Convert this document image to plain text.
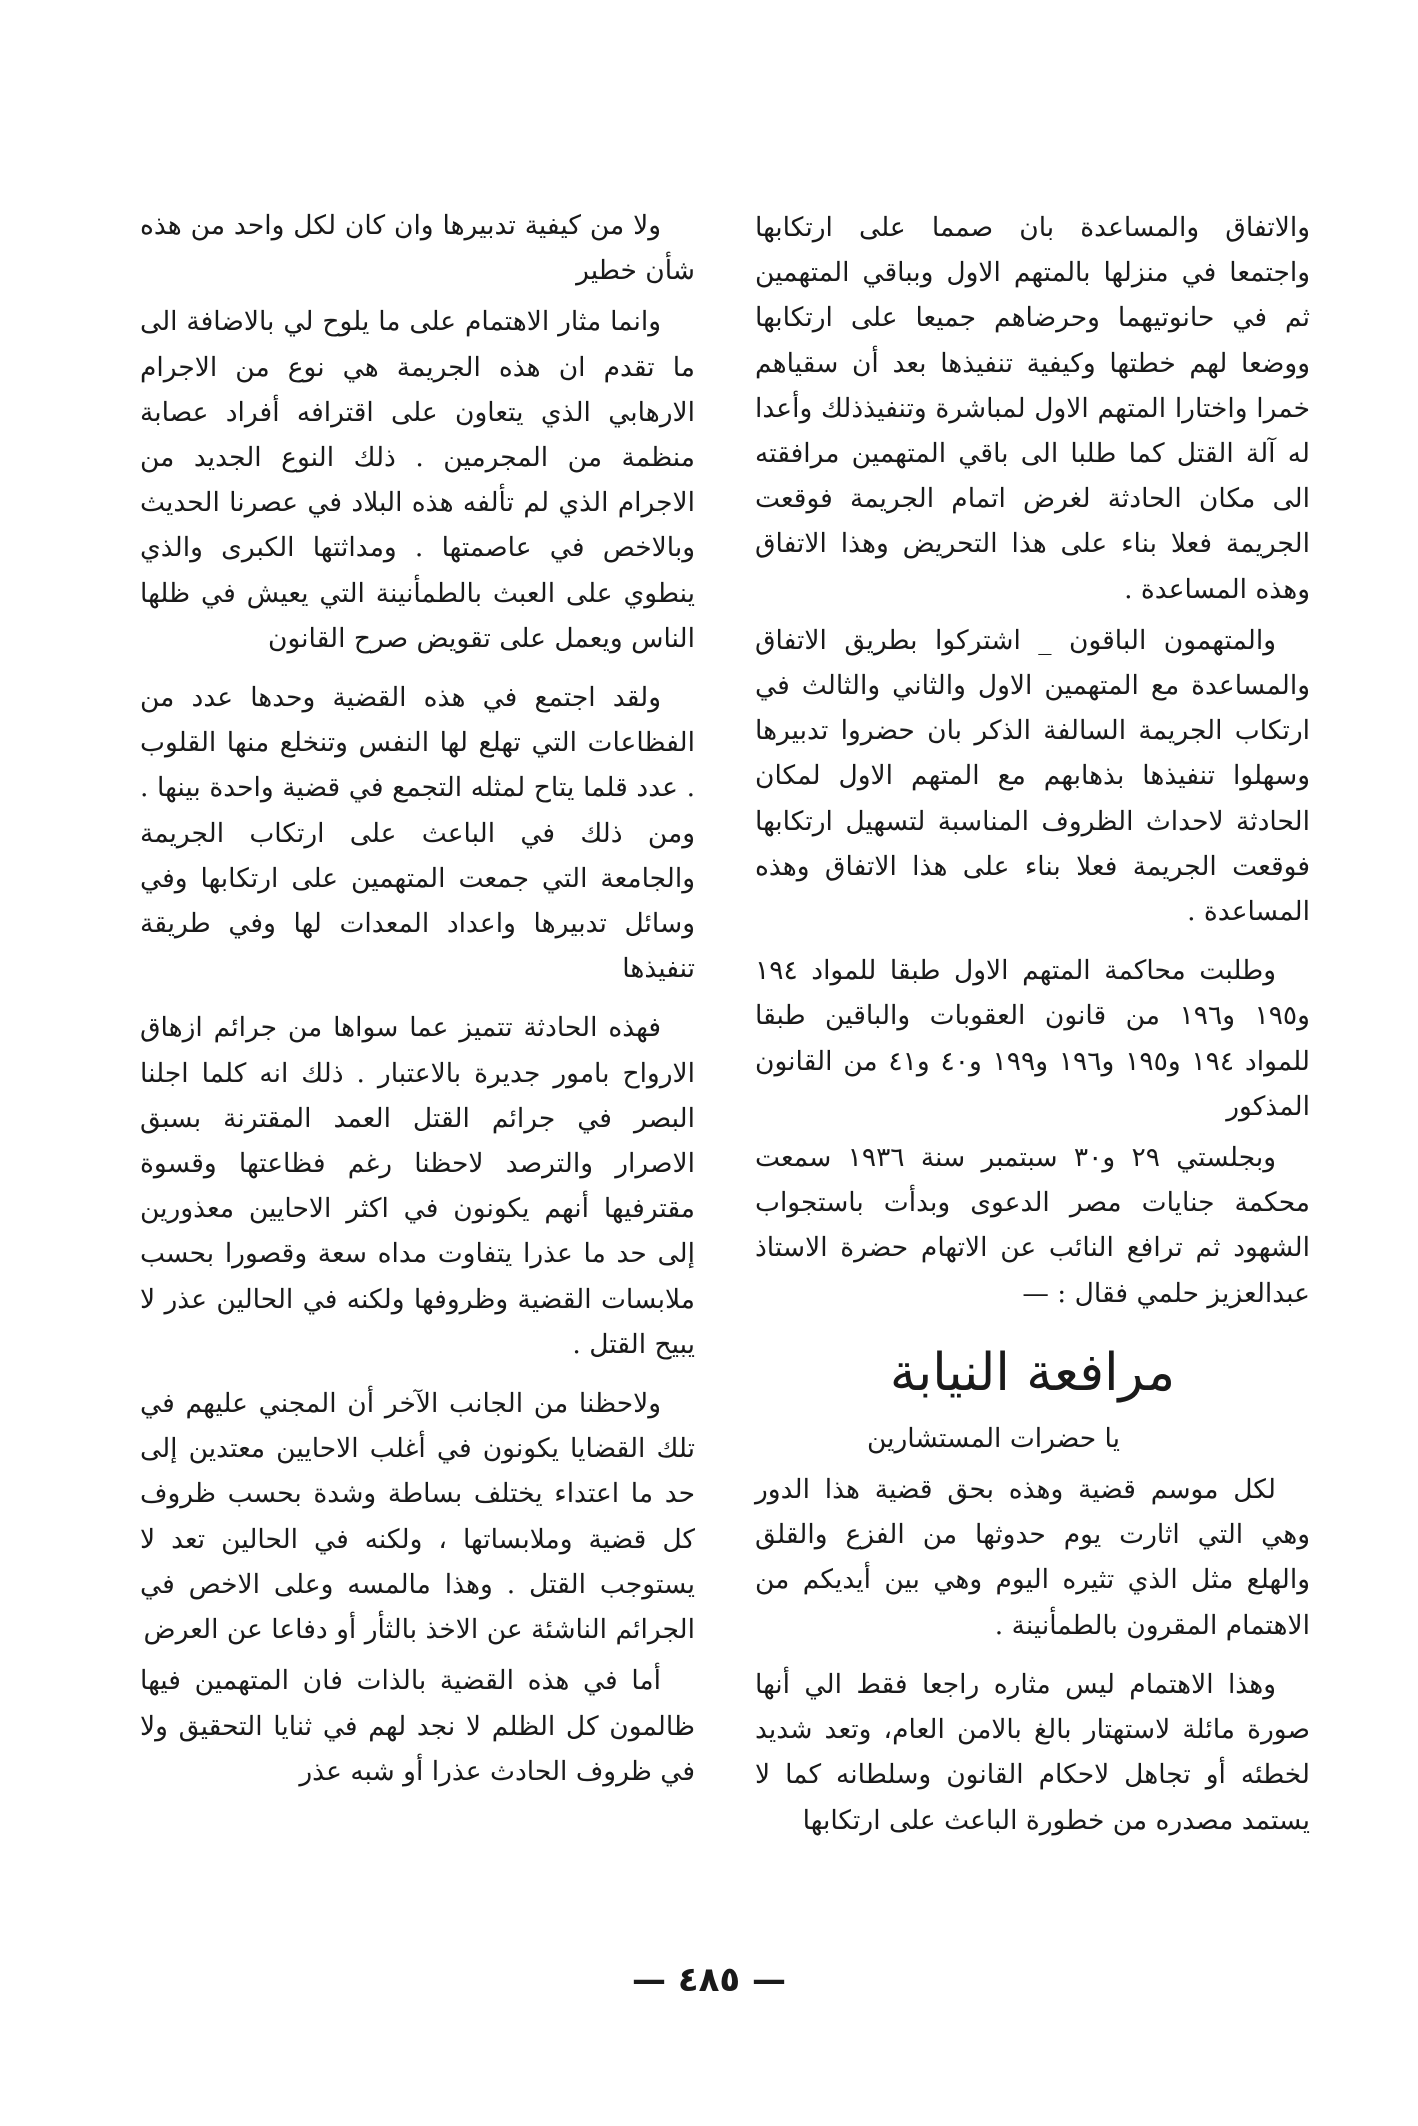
والاتفاق والمساعدة بان صمما على ارتكابها واجتمعا في منزلها بالمتهم الاول وبباقي المتهمين ثم في حانوتيهما وحرضاهم جميعا على ارتكابها ووضعا لهم خطتها وكيفية تنفيذها بعد أن سقياهم خمرا واختارا المتهم الاول لمباشرة وتنفيذذلك وأعدا له آلة القتل كما طلبا الى باقي المتهمين مرافقته الى مكان الحادثة لغرض اتمام الجريمة فوقعت الجريمة فعلا بناء على هذا التحريض وهذا الاتفاق وهذه المساعدة .

والمتهمون الباقون _ اشتركوا بطريق الاتفاق والمساعدة مع المتهمين الاول والثاني والثالث في ارتكاب الجريمة السالفة الذكر بان حضروا تدبيرها وسهلوا تنفيذها بذهابهم مع المتهم الاول لمكان الحادثة لاحداث الظروف المناسبة لتسهيل ارتكابها فوقعت الجريمة فعلا بناء على هذا الاتفاق وهذه المساعدة .

وطلبت محاكمة المتهم الاول طبقا للمواد ١٩٤ و١٩٥ و١٩٦ من قانون العقوبات والباقين طبقا للمواد ١٩٤ و١٩٥ و١٩٦ و١٩٩ و٤٠ و٤١ من القانون المذكور

وبجلستي ٢٩ و٣٠ سبتمبر سنة ١٩٣٦ سمعت محكمة جنايات مصر الدعوى وبدأت باستجواب الشهود ثم ترافع النائب عن الاتهام حضرة الاستاذ عبدالعزيز حلمي فقال : —

مرافعة النيابة

يا حضرات المستشارين

لكل موسم قضية وهذه بحق قضية هذا الدور وهي التي اثارت يوم حدوثها من الفزع والقلق والهلع مثل الذي تثيره اليوم وهي بين أيديكم من الاهتمام المقرون بالطمأنينة .

وهذا الاهتمام ليس مثاره راجعا فقط الي أنها صورة مائلة لاستهتار بالغ بالامن العام، وتعد شديد لخطئه أو تجاهل لاحكام القانون وسلطانه كما لا يستمد مصدره من خطورة الباعث على ارتكابها

ولا من كيفية تدبيرها وان كان لكل واحد من هذه شأن خطير

وانما مثار الاهتمام على ما يلوح لي بالاضافة الى ما تقدم ان هذه الجريمة هي نوع من الاجرام الارهابي الذي يتعاون على اقترافه أفراد عصابة منظمة من المجرمين . ذلك النوع الجديد من الاجرام الذي لم تألفه هذه البلاد في عصرنا الحديث وبالاخص في عاصمتها . ومداثتها الكبرى والذي ينطوي على العبث بالطمأنينة التي يعيش في ظلها الناس ويعمل على تقويض صرح القانون

ولقد اجتمع في هذه القضية وحدها عدد من الفظاعات التي تهلع لها النفس وتنخلع منها القلوب . عدد قلما يتاح لمثله التجمع في قضية واحدة بينها . ومن ذلك في الباعث على ارتكاب الجريمة والجامعة التي جمعت المتهمين على ارتكابها وفي وسائل تدبيرها واعداد المعدات لها وفي طريقة تنفيذها

فهذه الحادثة تتميز عما سواها من جرائم ازهاق الارواح بامور جديرة بالاعتبار . ذلك انه كلما اجلنا البصر في جرائم القتل العمد المقترنة بسبق الاصرار والترصد لاحظنا رغم فظاعتها وقسوة مقترفيها أنهم يكونون في اكثر الاحايين معذورين إلى حد ما عذرا يتفاوت مداه سعة وقصورا بحسب ملابسات القضية وظروفها ولكنه في الحالين عذر لا يبيح القتل .

ولاحظنا من الجانب الآخر أن المجني عليهم في تلك القضايا يكونون في أغلب الاحايين معتدين إلى حد ما اعتداء يختلف بساطة وشدة بحسب ظروف كل قضية وملابساتها ، ولكنه في الحالين تعد لا يستوجب القتل . وهذا مالمسه وعلى الاخص في الجرائم الناشئة عن الاخذ بالثأر أو دفاعا عن العرض

أما في هذه القضية بالذات فان المتهمين فيها ظالمون كل الظلم لا نجد لهم في ثنايا التحقيق ولا في ظروف الحادث عذرا أو شبه عذر

— ٤٨٥ —
